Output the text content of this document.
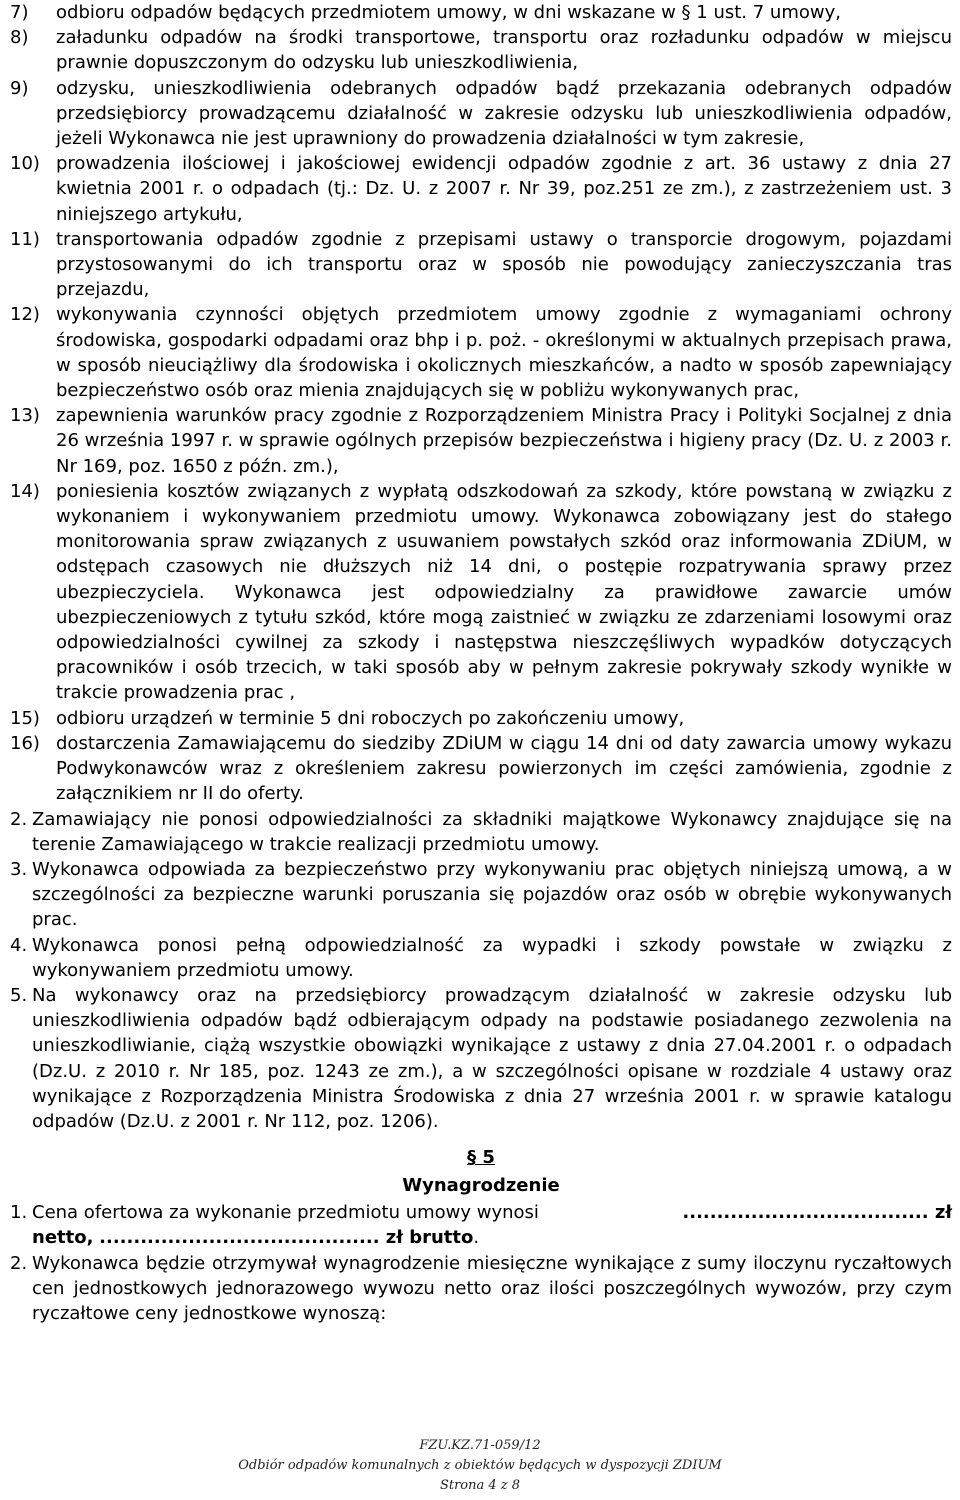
7)	odbioru odpadów będących przedmiotem umowy, w dni wskazane w § 1 ust. 7 umowy,
8)	załadunku odpadów na środki transportowe, transportu oraz rozładunku odpadów w miejscu prawnie dopuszczonym do odzysku lub unieszkodliwienia,
9)	odzysku, unieszkodliwienia odebranych odpadów bądź przekazania odebranych odpadów przedsiębiorcy prowadzącemu działalność w zakresie odzysku lub unieszkodliwienia odpadów, jeżeli Wykonawca nie jest uprawniony do prowadzenia działalności w tym zakresie,
10) prowadzenia ilościowej i jakościowej ewidencji odpadów zgodnie z art. 36 ustawy z dnia 27 kwietnia 2001 r. o odpadach (tj.: Dz. U. z 2007 r. Nr 39, poz.251 ze zm.), z zastrzeżeniem ust. 3 niniejszego artykułu,
11) transportowania odpadów zgodnie z przepisami ustawy o transporcie drogowym, pojazdami przystosowanymi do ich transportu oraz w sposób nie powodujący zanieczyszczania tras przejazdu,
12) wykonywania czynności objętych przedmiotem umowy zgodnie z wymaganiami ochrony środowiska, gospodarki odpadami oraz bhp i p. poż. - określonymi w aktualnych przepisach prawa, w sposób nieuciążliwy dla środowiska i okolicznych mieszkańców, a nadto w sposób zapewniający bezpieczeństwo osób oraz mienia znajdujących się w pobliżu wykonywanych prac,
13) zapewnienia warunków pracy zgodnie z Rozporządzeniem Ministra Pracy i Polityki Socjalnej z dnia 26 września 1997 r. w sprawie ogólnych przepisów bezpieczeństwa i higieny pracy (Dz. U. z 2003 r. Nr 169, poz. 1650 z późn. zm.),
14) poniesienia kosztów związanych z wypłatą odszkodowań za szkody, które powstaną w związku z wykonaniem i wykonywaniem przedmiotu umowy. Wykonawca zobowiązany jest do stałego monitorowania spraw związanych z usuwaniem powstałych szkód oraz informowania ZDiUM, w odstępach czasowych nie dłuższych niż 14 dni, o postępie rozpatrywania sprawy przez ubezpieczyciela. Wykonawca jest odpowiedzialny za prawidłowe zawarcie umów ubezpieczeniowych z tytułu szkód, które mogą zaistnieć w związku ze zdarzeniami losowymi oraz odpowiedzialności cywilnej za szkody i następstwa nieszczęśliwych wypadków dotyczących pracowników i osób trzecich, w taki sposób aby w pełnym zakresie pokrywały szkody wynikłe w trakcie prowadzenia prac ,
15) odbioru urządzeń w terminie 5 dni roboczych po zakończeniu umowy,
16) dostarczenia Zamawiającemu do siedziby ZDiUM w ciągu 14 dni od daty zawarcia umowy wykazu Podwykonawców wraz z określeniem zakresu powierzonych im części zamówienia, zgodnie z załącznikiem nr II do oferty.
2. Zamawiający nie ponosi odpowiedzialności za składniki majątkowe Wykonawcy znajdujące się na terenie Zamawiającego w trakcie realizacji przedmiotu umowy.
3. Wykonawca odpowiada za bezpieczeństwo przy wykonywaniu prac objętych niniejszą umową, a w szczególności za bezpieczne warunki poruszania się pojazdów oraz osób w obrębie wykonywanych prac.
4. Wykonawca ponosi pełną odpowiedzialność za wypadki i szkody powstałe w związku z wykonywaniem przedmiotu umowy.
5. Na wykonawcy oraz na przedsiębiorcy prowadzącym działalność w zakresie odzysku lub unieszkodliwienia odpadów bądź odbierającym odpady na podstawie posiadanego zezwolenia na unieszkodliwianie, ciążą wszystkie obowiązki wynikające z ustawy z dnia 27.04.2001 r. o odpadach (Dz.U. z 2010 r. Nr 185, poz. 1243 ze zm.), a w szczególności opisane w rozdziale 4 ustawy oraz wynikające z Rozporządzenia Ministra Środowiska z dnia 27 września 2001 r. w sprawie katalogu odpadów (Dz.U. z 2001 r. Nr 112, poz. 1206).
§ 5
Wynagrodzenie
1. Cena ofertowa za wykonanie przedmiotu umowy wynosi	.................................... zł

netto, ......................................... zł brutto.
2. Wykonawca będzie otrzymywał wynagrodzenie miesięczne wynikające z sumy iloczynu ryczałtowych cen jednostkowych jednorazowego wywozu netto oraz ilości poszczególnych wywozów, przy czym ryczałtowe ceny jednostkowe wynoszą:
FZU.KZ.71-059/12
Odbiór odpadów komunalnych z obiektów będących w dyspozycji ZDIUM
Strona 4 z 8
